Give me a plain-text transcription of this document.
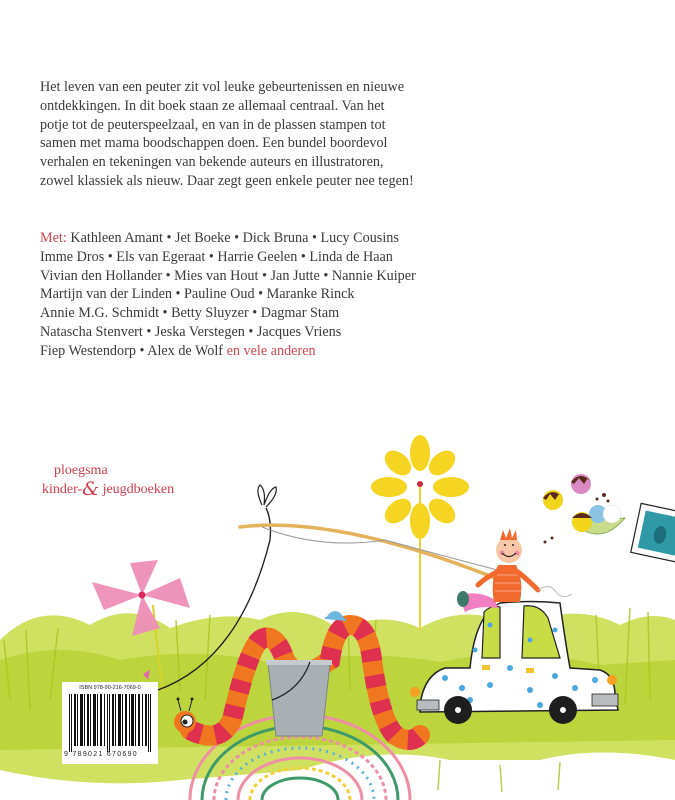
Het leven van een peuter zit vol leuke gebeurtenissen en nieuwe
ontdekkingen. In dit boek staan ze allemaal centraal. Van het
potje tot de peuterspeelzaal, en van in de plassen stampen tot
samen met mama boodschappen doen. Een bundel boordevol
verhalen en tekeningen van bekende auteurs en illustratoren,
zowel klassiek als nieuw. Daar zegt geen enkele peuter nee tegen!
Met: Kathleen Amant • Jet Boeke • Dick Bruna • Lucy Cousins
Imme Dros • Els van Egeraat • Harrie Geelen • Linda de Haan
Vivian den Hollander • Mies van Hout • Jan Jutte • Nannie Kuiper
Martijn van der Linden • Pauline Oud • Maranke Rinck
Annie M.G. Schmidt • Betty Sluyzer • Dagmar Stam
Natascha Stenvert • Jeska Verstegen • Jacques Vriens
Fiep Westendorp • Alex de Wolf en vele anderen
ploegsma
kinder-& jeugdboeken
ISBN 978-90-216-7069-0
9 789021 670690
